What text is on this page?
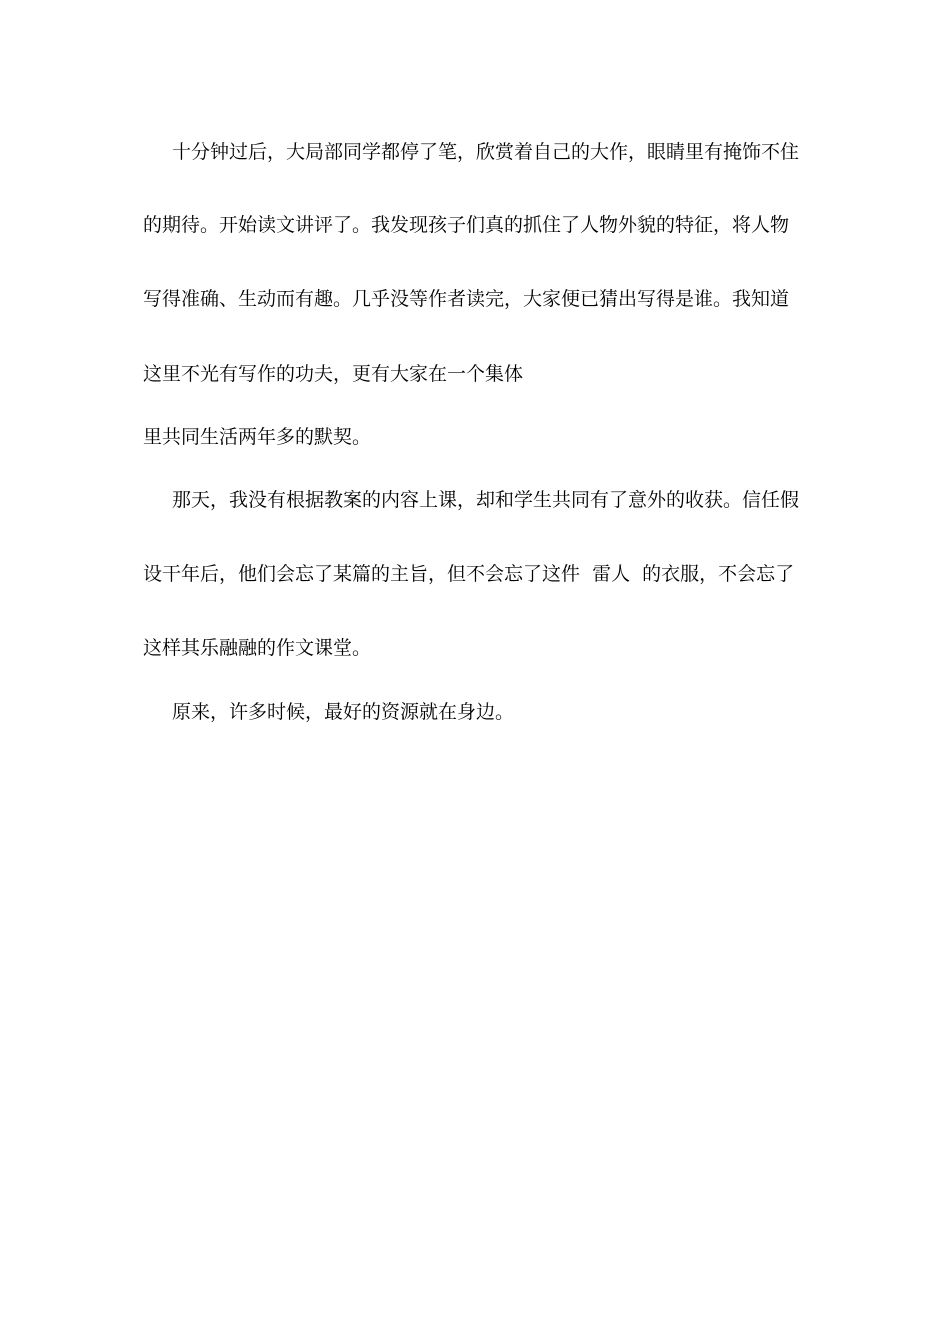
十分钟过后，大局部同学都停了笔，欣赏着自己的大作，眼睛里有掩饰不住
的期待。开始读文讲评了。我发现孩子们真的抓住了人物外貌的特征，将人物
写得准确、生动而有趣。几乎没等作者读完，大家便已猜出写得是谁。我知道
这里不光有写作的功夫，更有大家在一个集体
里共同生活两年多的默契。
那天，我没有根据教案的内容上课，却和学生共同有了意外的收获。信任假
设干年后，他们会忘了某篇的主旨，但不会忘了这件  雷人  的衣服，不会忘了
这样其乐融融的作文课堂。
原来，许多时候，最好的资源就在身边。
